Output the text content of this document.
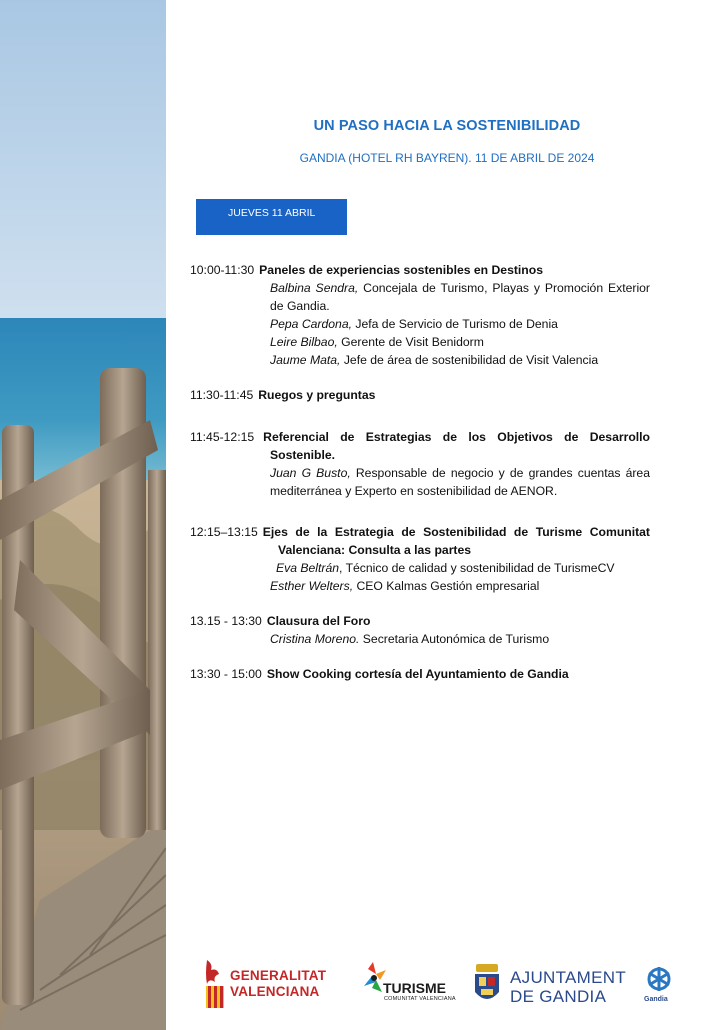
UN PASO HACIA LA SOSTENIBILIDAD
GANDIA (HOTEL RH BAYREN). 11 DE ABRIL DE 2024
JUEVES 11 ABRIL
10:00-11:30 Paneles de experiencias sostenibles en Destinos
Balbina Sendra, Concejala de Turismo, Playas y Promoción Exterior de Gandia.
Pepa Cardona, Jefa de Servicio de Turismo de Denia
Leire Bilbao, Gerente de Visit Benidorm
Jaume Mata, Jefe de área de sostenibilidad de Visit Valencia
11:30-11:45 Ruegos y preguntas
11:45-12:15 Referencial de Estrategias de los Objetivos de Desarrollo
Sostenible.
Juan G Busto, Responsable de negocio y de grandes cuentas área mediterránea y Experto en sostenibilidad de AENOR.
12:15–13:15 Ejes de la Estrategia de Sostenibilidad de Turisme Comunitat
Valenciana: Consulta a las partes
Eva Beltrán, Técnico de calidad y sostenibilidad de TurismeCV
Esther Welters, CEO Kalmas Gestión empresarial
13.15 - 13:30 Clausura del Foro
Cristina Moreno. Secretaria Autonómica de Turismo
13:30 - 15:00 Show Cooking cortesía del Ayuntamiento de Gandia
GENERALITAT
VALENCIANA	TURISME
COMUNITAT VALENCIANA
AJUNTAMENT
DE GANDIA	Gandia
